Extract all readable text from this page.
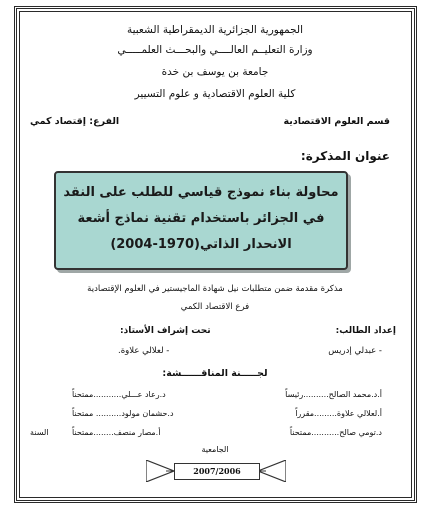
الجمهورية الجزائرية الديمقراطية الشعبية
وزارة التعليــم العالــــي والبحـــث العلمـــــي
جامعة بن يوسف بن خدة
كلية العلوم الاقتصادية و علوم التسيير
قسم العلوم الاقتصادية
الفرع: إقتصاد كمي
عنوان المذكرة:
محاولة بناء نموذج قياسي للطلب على النقد
في الجزائر باستخدام تقنية نماذج أشعة
الانحدار الذاتي(1970-2004)
مذكرة مقدمة ضمن متطلبات نيل شهادة الماجيستير في العلوم الإقتصادية
فرع الاقتصاد الكمي
إعداد الطالب:
تحت إشراف الأستاذ:
- عبدلي إدريس
- لعلالي علاوة.
لجـــــنة المناقــــــشة:
أ.د.محمد الصالح..........رئيساً
د.رعاد عـــلي...........ممتحناً
أ.لعلالي علاوة.........مقرراً
د.حشمان مولود.......... ممتحناً
د.تومي صالح...........ممتحناً
أ.مصار منصف........ممتحناً
السنة
الجامعية
2007/2006
